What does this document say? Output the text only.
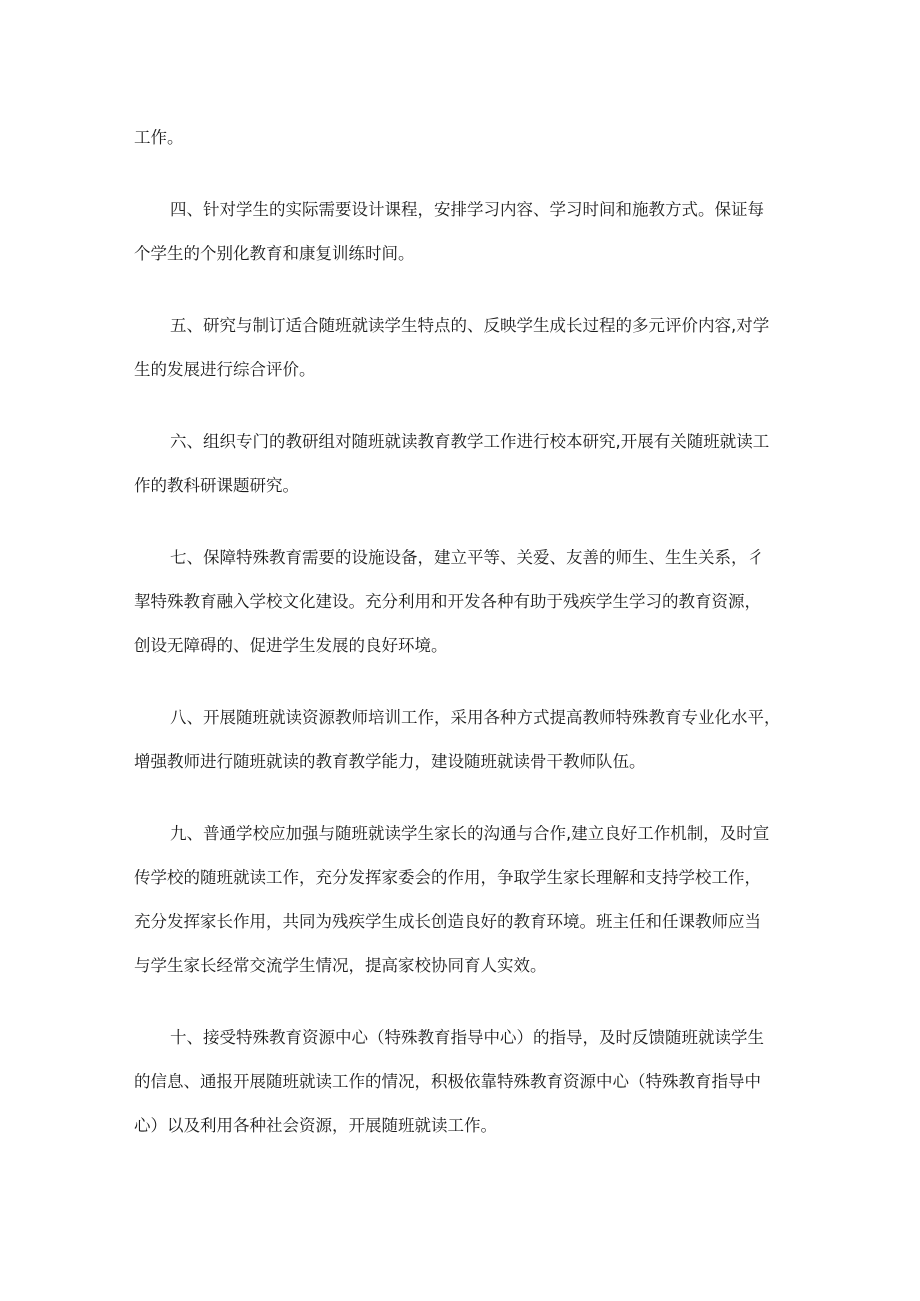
工作。
四、针对学生的实际需要设计课程，安排学习内容、学习时间和施教方式。保证每
个学生的个别化教育和康复训练时间。
五、研究与制订适合随班就读学生特点的、反映学生成长过程的多元评价内容,对学
生的发展进行综合评价。
六、组织专门的教研组对随班就读教育教学工作进行校本研究,开展有关随班就读工
作的教科研课题研究。
七、保障特殊教育需要的设施设备，建立平等、关爱、友善的师生、生生关系，彳
挈特殊教育融入学校文化建设。充分利用和开发各种有助于残疾学生学习的教育资源，
创设无障碍的、促进学生发展的良好环境。
八、开展随班就读资源教师培训工作，采用各种方式提高教师特殊教育专业化水平，
增强教师进行随班就读的教育教学能力，建设随班就读骨干教师队伍。
九、普通学校应加强与随班就读学生家长的沟通与合作,建立良好工作机制，及时宣
传学校的随班就读工作，充分发挥家委会的作用，争取学生家长理解和支持学校工作，
充分发挥家长作用，共同为残疾学生成长创造良好的教育环境。班主任和任课教师应当
与学生家长经常交流学生情况，提高家校协同育人实效。
十、接受特殊教育资源中心（特殊教育指导中心）的指导，及时反馈随班就读学生
的信息、通报开展随班就读工作的情况，积极依靠特殊教育资源中心（特殊教育指导中
心）以及利用各种社会资源，开展随班就读工作。
